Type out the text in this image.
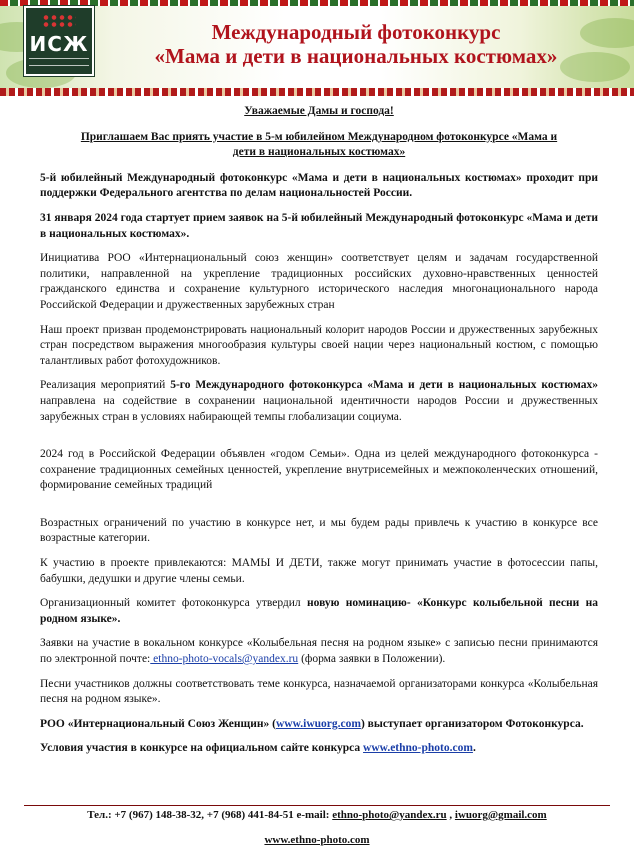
ИСЖ	Международный фотоконкурс
«Мама и дети в национальных костюмах»

Уважаемые Дамы и господа!

Приглашаем Вас приять участие в 5-м юбилейном Международном фотоконкурсе «Мама и дети в национальных костюмах»

5-й юбилейный Международный фотоконкурс «Мама и дети в национальных костюмах» проходит при поддержки Федерального агентства по делам национальностей России.

31 января 2024 года стартует прием заявок на 5-й юбилейный Международный фотоконкурс «Мама и дети в национальных костюмах».

Инициатива РОО «Интернациональный союз женщин» соответствует целям и задачам государственной политики, направленной на укрепление традиционных российских духовно-нравственных ценностей гражданского единства и сохранение культурного исторического наследия многонационального народа Российской Федерации и дружественных зарубежных стран

Наш проект призван продемонстрировать национальный колорит народов России и дружественных зарубежных стран посредством выражения многообразия культуры своей нации через национальный костюм, с помощью талантливых работ фотохудожников.

Реализация мероприятий 5-го Международного фотоконкурса «Мама и дети в национальных костюмах» направлена на содействие в сохранении национальной идентичности народов России и дружественных зарубежных стран в условиях набирающей темпы глобализации социума.

2024 год в Российской Федерации объявлен «годом Семьи». Одна из целей международного фотоконкурса - сохранение традиционных семейных ценностей, укрепление внутрисемейных и межпоколенческих отношений, формирование семейных традиций

Возрастных ограничений по участию в конкурсе нет, и мы будем рады привлечь к участию в конкурсе все возрастные категории.

К участию в проекте привлекаются: МАМЫ И ДЕТИ, также могут принимать участие в фотосессии папы, бабушки, дедушки и другие члены семьи.

Организационный комитет фотоконкурса утвердил новую номинацию- «Конкурс колыбельной песни на родном языке».

Заявки на участие в вокальном конкурсе «Колыбельная песня на родном языке» с записью песни принимаются по электронной почте: ethno-photo-vocals@yandex.ru (форма заявки в Положении).

Песни участников должны соответствовать теме конкурса, назначаемой организаторами конкурса «Колыбельная песня на родном языке».

РОО «Интернациональный Союз Женщин» (www.iwuorg.com) выступает организатором Фотоконкурса.

Условия участия в конкурсе на официальном сайте конкурса www.ethno-photo.com.

Тел.: +7 (967) 148-38-32, +7 (968) 441-84-51 e-mail: ethno-photo@yandex.ru , iwuorg@gmail.com
www.ethno-photo.com
